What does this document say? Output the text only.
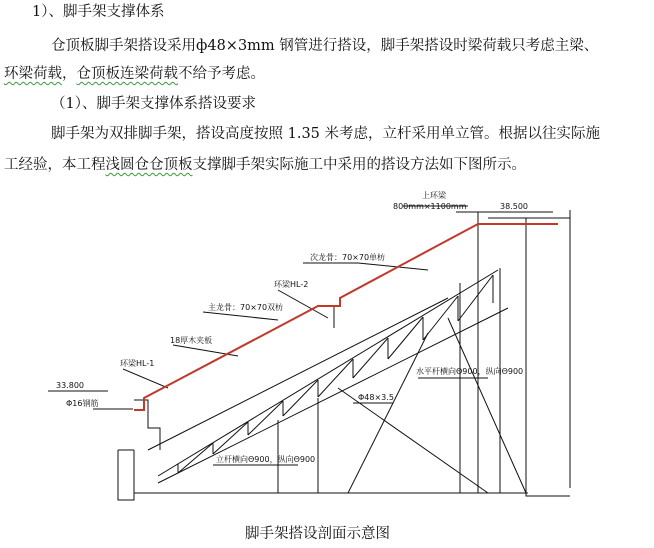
1）、脚手架支撑体系
仓顶板脚手架搭设采用ф48×3mm 钢管进行搭设，脚手架搭设时梁荷载只考虑主梁、
环梁荷载，仓顶板连梁荷载不给予考虑。
（1）、脚手架支撑体系搭设要求
脚手架为双排脚手架，搭设高度按照 1.35 米考虑，立杆采用单立管。根据以往实际施
工经验，本工程浅圆仓仓顶板支撑脚手架实际施工中采用的搭设方法如下图所示。
上环梁
800mm×1100mm	38.500
次龙骨：70×70单枋
环梁HL-2
主龙骨：70×70双枋
18厚木夹板
环梁HL-1
33.800
Φ16钢筋
水平杆横向Θ900，纵向Θ900
Φ48×3.5
立杆横向Θ900，纵向Θ900
脚手架搭设剖面示意图
